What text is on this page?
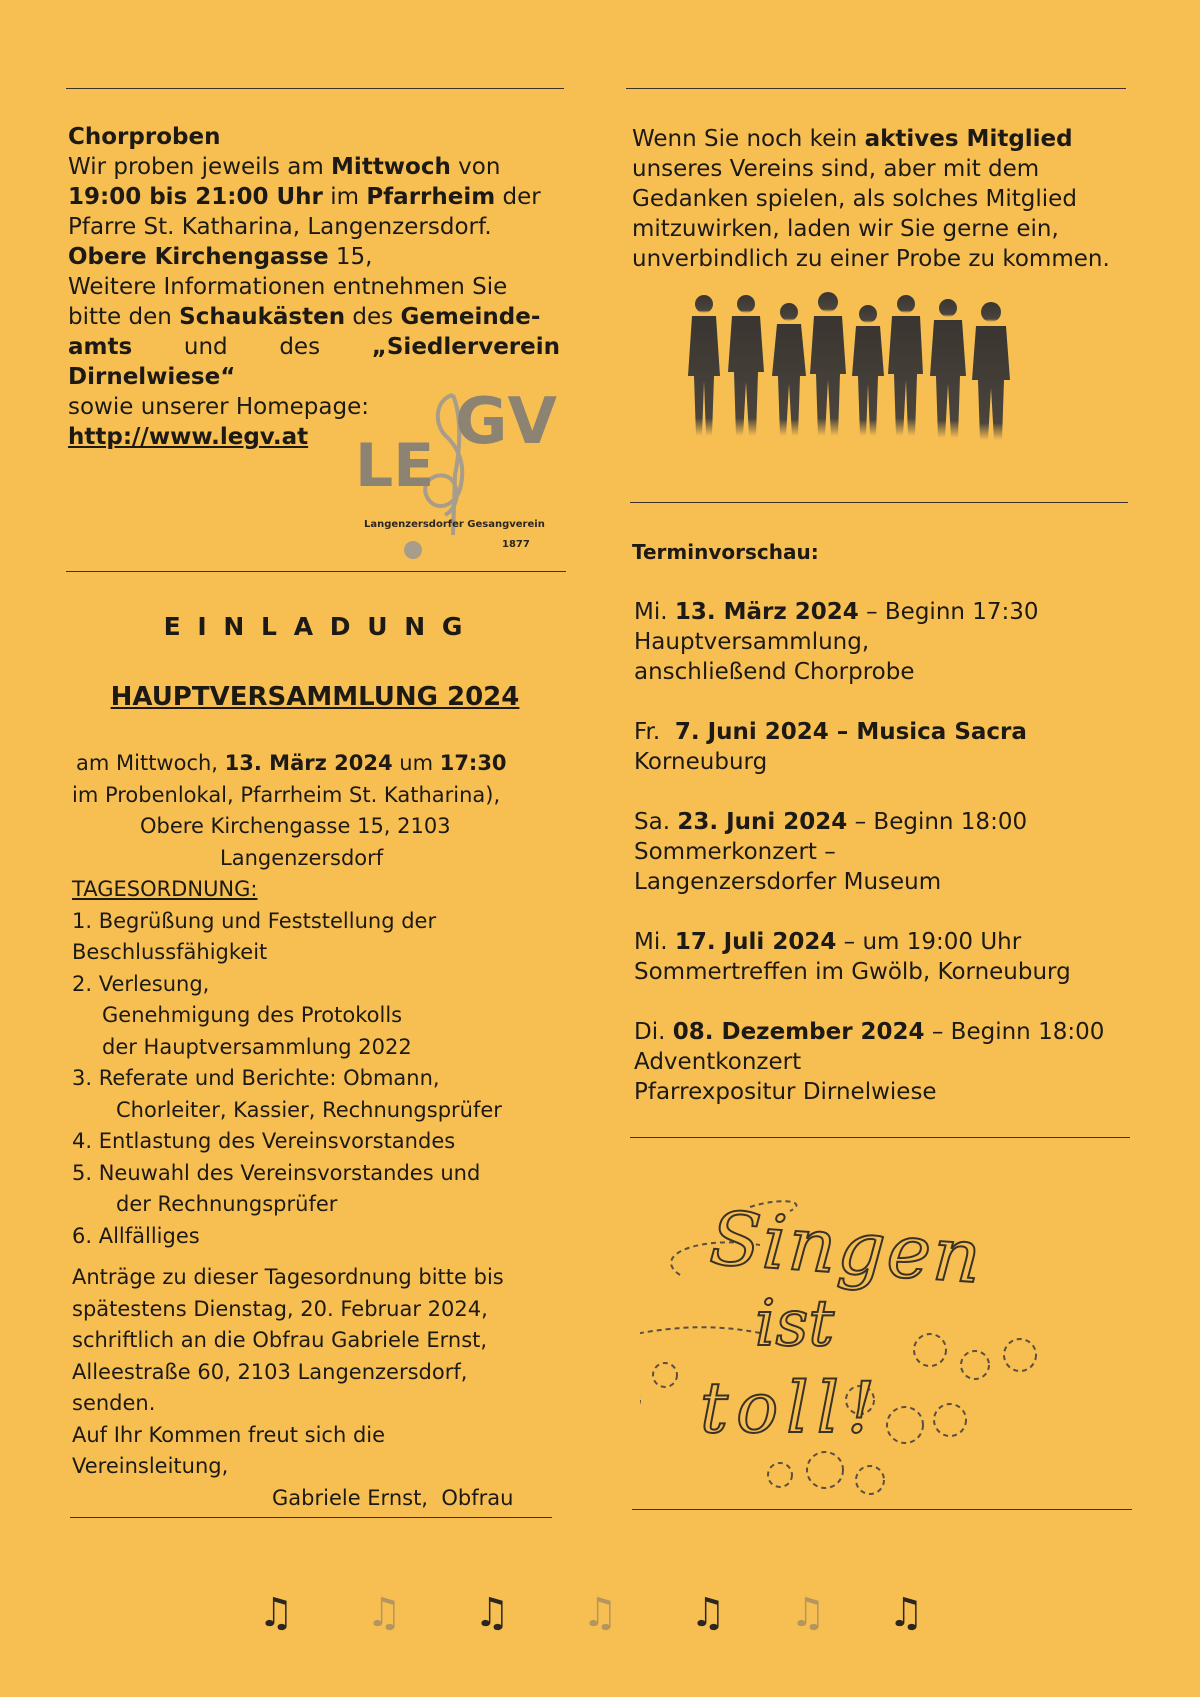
Chorproben
Wir proben jeweils am Mittwoch von
19:00 bis 21:00 Uhr im Pfarrheim der
Pfarre St. Katharina, Langenzersdorf.
Obere Kirchengasse 15,
Weitere Informationen entnehmen Sie
bitte den Schaukästen des Gemeinde-
amts und des „Siedlerverein Dirnelwiese“
sowie unserer Homepage:
http://www.legv.at	GV
LE
Langenzersdorfer Gesangverein
1877
Wenn Sie noch kein aktives Mitglied
unseres Vereins sind, aber mit dem
Gedanken spielen, als solches Mitglied
mitzuwirken, laden wir Sie gerne ein,
unverbindlich zu einer Probe zu kommen.
E I N L A D U N G
HAUPTVERSAMMLUNG 2024
am Mittwoch, 13. März 2024 um 17:30
im Probenlokal, Pfarrheim St. Katharina),
Obere Kirchengasse 15, 2103
Langenzersdorf
TAGESORDNUNG:

1. Begrüßung und Feststellung der

Beschlussfähigkeit

2. Verlesung,

Genehmigung des Protokolls

der Hauptversammlung 2022

3. Referate und Berichte: Obmann,

Chorleiter, Kassier, Rechnungsprüfer

4. Entlastung des Vereinsvorstandes

5. Neuwahl des Vereinsvorstandes und

der Rechnungsprüfer

6. Allfälliges

Anträge zu dieser Tagesordnung bitte bis
spätestens Dienstag, 20. Februar 2024,
schriftlich an die Obfrau Gabriele Ernst,
Alleestraße 60, 2103 Langenzersdorf,
senden.
Auf Ihr Kommen freut sich die
Vereinsleitung,
Gabriele Ernst,  Obfrau
Terminvorschau:

Mi. 13. März 2024 – Beginn 17:30

Hauptversammlung,

anschließend Chorprobe

Fr.  7. Juni 2024 – Musica Sacra

Korneuburg

Sa. 23. Juni 2024 – Beginn 18:00

Sommerkonzert –

Langenzersdorfer Museum

Mi. 17. Juli 2024 – um 19:00 Uhr

Sommertreffen im Gwölb, Korneuburg

Di. 08. Dezember 2024 – Beginn 18:00

Adventkonzert

Pfarrexpositur Dirnelwiese

Singen
ist
toll!
♫ ♫ ♫ ♫ ♫ ♫ ♫
